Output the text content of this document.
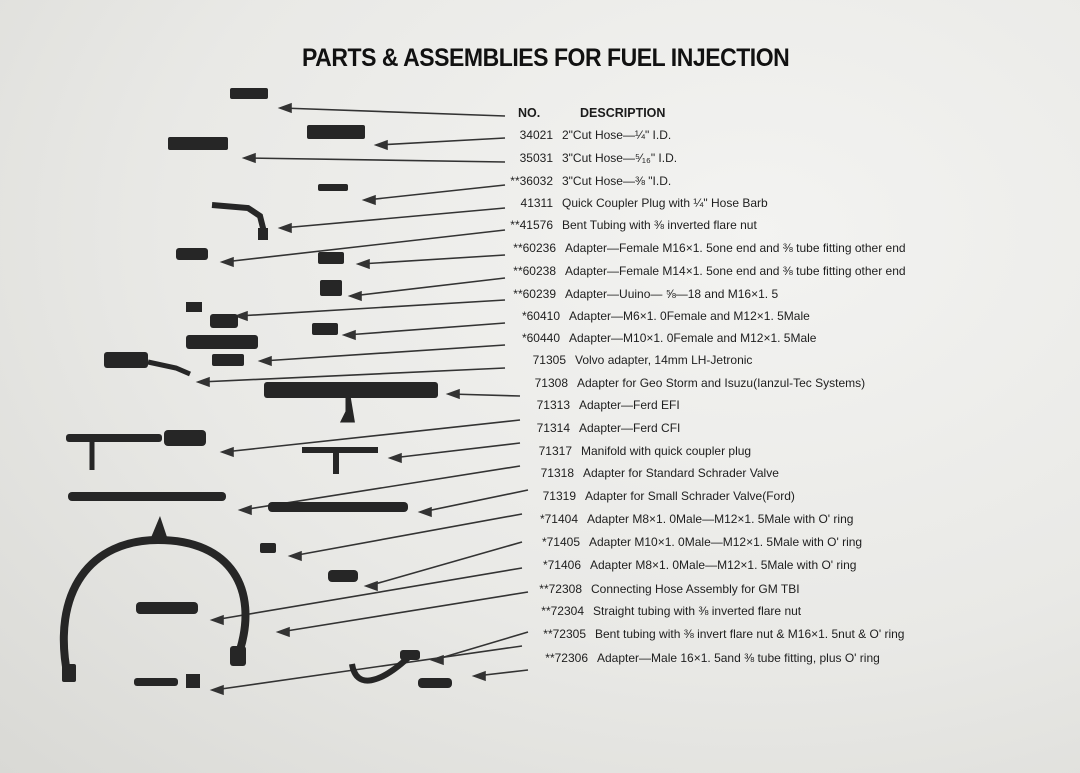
PARTS & ASSEMBLIES FOR FUEL INJECTION
NO.	DESCRIPTION
34021 2"Cut Hose—¼" I.D.
35031 3"Cut Hose—⁵⁄₁₆" I.D.
**36032 3"Cut Hose—⅜ "I.D.
41311 Quick Coupler Plug with ¼" Hose Barb
**41576 Bent Tubing with ⅜ inverted flare nut
**60236 Adapter—Female M16×1. 5one end and ⅜ tube fitting other end
**60238 Adapter—Female M14×1. 5one end and ⅜ tube fitting other end
**60239 Adapter—Uuino— ⅝—18 and M16×1. 5
*60410 Adapter—M6×1. 0Female and M12×1. 5Male
*60440 Adapter—M10×1. 0Female and M12×1. 5Male
71305 Volvo adapter, 14mm LH-Jetronic
71308 Adapter for Geo Storm and Isuzu(Ianzul-Tec Systems)
71313 Adapter—Ferd EFI
71314 Adapter—Ferd CFI
71317 Manifold with quick coupler plug
71318 Adapter for Standard Schrader Valve
71319 Adapter for Small Schrader Valve(Ford)
*71404 Adapter M8×1. 0Male—M12×1. 5Male with O' ring
*71405 Adapter M10×1. 0Male—M12×1. 5Male with O' ring
*71406 Adapter M8×1. 0Male—M12×1. 5Male with O' ring
**72308 Connecting Hose Assembly for GM TBI
**72304 Straight tubing with ⅜ inverted flare nut
**72305 Bent tubing with ⅜ invert flare nut & M16×1. 5nut & O' ring
**72306 Adapter—Male 16×1. 5and ⅜ tube fitting, plus O' ring
